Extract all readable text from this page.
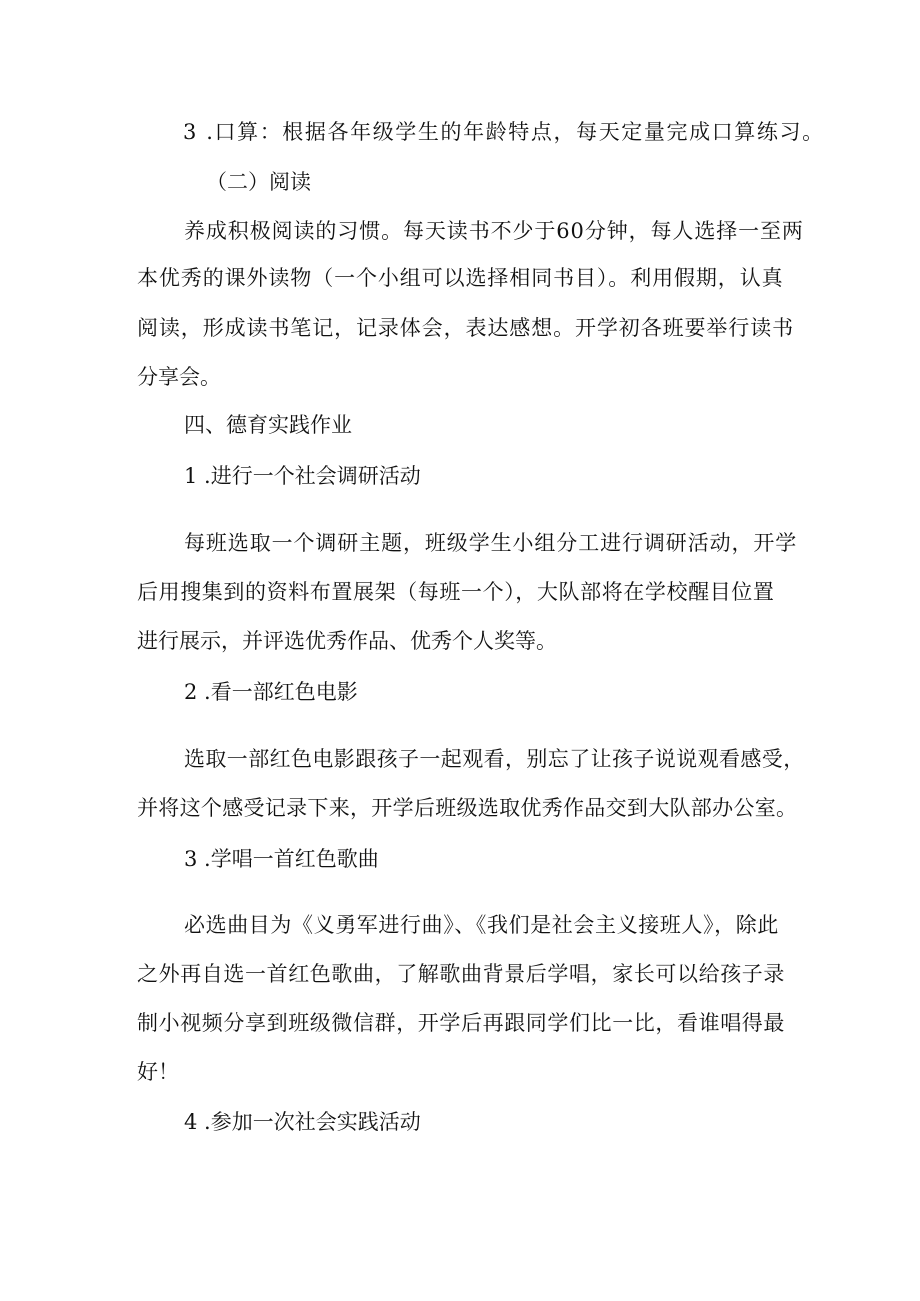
3 .口算：根据各年级学生的年龄特点，每天定量完成口算练习。
（二）阅读
养成积极阅读的习惯。每天读书不少于60分钟，每人选择一至两
本优秀的课外读物（一个小组可以选择相同书目）。利用假期，认真
阅读，形成读书笔记，记录体会，表达感想。开学初各班要举行读书
分享会。
四、德育实践作业
1 .进行一个社会调研活动
每班选取一个调研主题，班级学生小组分工进行调研活动，开学
后用搜集到的资料布置展架（每班一个），大队部将在学校醒目位置
进行展示，并评选优秀作品、优秀个人奖等。
2 .看一部红色电影
选取一部红色电影跟孩子一起观看，别忘了让孩子说说观看感受，
并将这个感受记录下来，开学后班级选取优秀作品交到大队部办公室。
3 .学唱一首红色歌曲
必选曲目为《义勇军进行曲》、《我们是社会主义接班人》，除此
之外再自选一首红色歌曲，了解歌曲背景后学唱，家长可以给孩子录
制小视频分享到班级微信群，开学后再跟同学们比一比，看谁唱得最
好！
4 .参加一次社会实践活动
